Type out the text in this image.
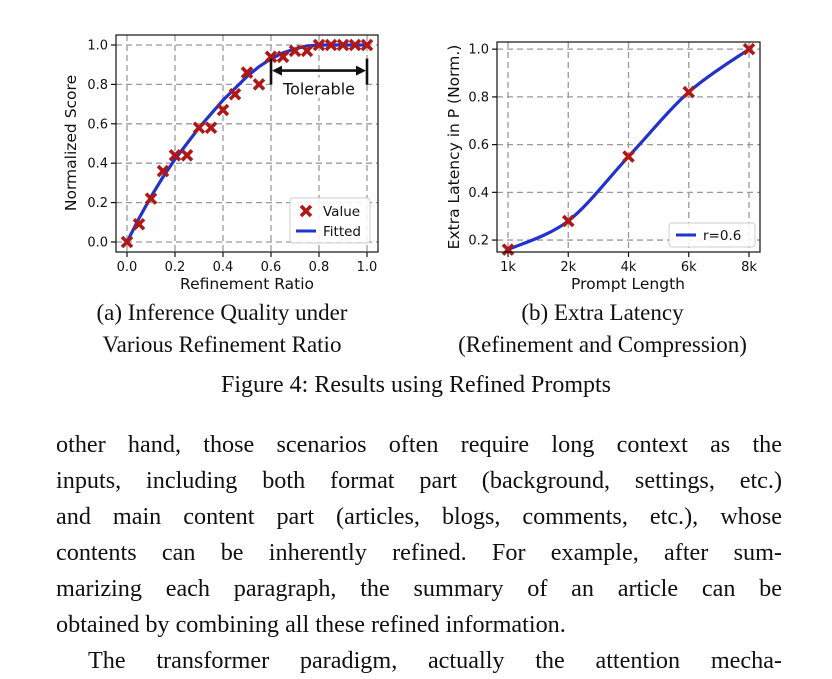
0.0 0.2 0.4 0.6 0.8 1.0
0.0
0.2
0.4
0.6
0.8
1.0
Tolerable
Refinement Ratio
Normalized Score
Value
Fitted
1k	2k	4k	6k	8k
0.2
0.4
0.6
0.8
1.0
Prompt Length
Extra Latency in P (Norm.)	r=0.6
(a) Inference Quality under
Various Refinement Ratio
(b) Extra Latency
(Refinement and Compression)
Figure 4: Results using Refined Prompts

other hand, those scenarios often require long context as the

inputs, including both format part (background, settings, etc.)

and main content part (articles, blogs, comments, etc.), whose

contents can be inherently refined. For example, after sum-

marizing each paragraph, the summary of an article can be

obtained by combining all these refined information.

The transformer paradigm, actually the attention mecha-
